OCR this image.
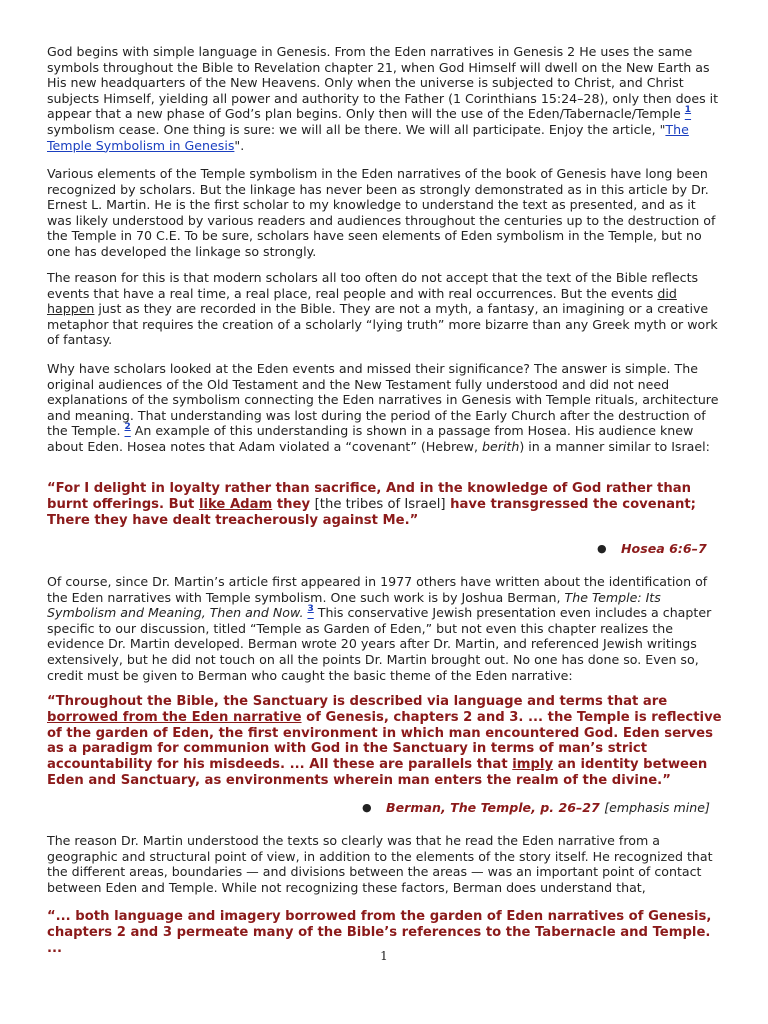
God begins with simple language in Genesis. From the Eden narratives in Genesis 2 He uses the same symbols throughout the Bible to Revelation chapter 21, when God Himself will dwell on the New Earth as His new headquarters of the New Heavens. Only when the universe is subjected to Christ, and Christ subjects Himself, yielding all power and authority to the Father (1 Corinthians 15:24–28), only then does it appear that a new phase of God’s plan begins. Only then will the use of the Eden/Tabernacle/Temple $^1$ symbolism cease. One thing is sure: we will all be there. We will all participate. Enjoy the article, "The Temple Symbolism in Genesis".

Various elements of the Temple symbolism in the Eden narratives of the book of Genesis have long been recognized by scholars. But the linkage has never been as strongly demonstrated as in this article by Dr. Ernest L. Martin. He is the first scholar to my knowledge to understand the text as presented, and as it was likely understood by various readers and audiences throughout the centuries up to the destruction of the Temple in 70 C.E. To be sure, scholars have seen elements of Eden symbolism in the Temple, but no one has developed the linkage so strongly.

The reason for this is that modern scholars all too often do not accept that the text of the Bible reflects events that have a real time, a real place, real people and with real occurrences. But the events did happen just as they are recorded in the Bible. They are not a myth, a fantasy, an imagining or a creative metaphor that requires the creation of a scholarly “lying truth” more bizarre than any Greek myth or work of fantasy.

Why have scholars looked at the Eden events and missed their significance? The answer is simple. The original audiences of the Old Testament and the New Testament fully understood and did not need explanations of the symbolism connecting the Eden narratives in Genesis with Temple rituals, architecture and meaning. That understanding was lost during the period of the Early Church after the destruction of the Temple. $^2$ An example of this understanding is shown in a passage from Hosea. His audience knew about Eden. Hosea notes that Adam violated a “covenant” (Hebrew, berith) in a manner similar to Israel:

“For I delight in loyalty rather than sacrifice, And in the knowledge of God rather than burnt offerings. But like Adam they [the tribes of Israel] have transgressed the covenant; There they have dealt treacherously against Me.”

● Hosea 6:6–7

Of course, since Dr. Martin’s article first appeared in 1977 others have written about the identification of the Eden narratives with Temple symbolism. One such work is by Joshua Berman, The Temple: Its Symbolism and Meaning, Then and Now. $^3$ This conservative Jewish presentation even includes a chapter specific to our discussion, titled “Temple as Garden of Eden,” but not even this chapter realizes the evidence Dr. Martin developed. Berman wrote 20 years after Dr. Martin, and referenced Jewish writings extensively, but he did not touch on all the points Dr. Martin brought out. No one has done so. Even so, credit must be given to Berman who caught the basic theme of the Eden narrative:

“Throughout the Bible, the Sanctuary is described via language and terms that are borrowed from the Eden narrative of Genesis, chapters 2 and 3. ... the Temple is reflective of the garden of Eden, the first environment in which man encountered God. Eden serves as a paradigm for communion with God in the Sanctuary in terms of man’s strict accountability for his misdeeds. ... All these are parallels that imply an identity between Eden and Sanctuary, as environments wherein man enters the realm of the divine.”

● Berman, The Temple, p. 26–27 [emphasis mine]

The reason Dr. Martin understood the texts so clearly was that he read the Eden narrative from a geographic and structural point of view, in addition to the elements of the story itself. He recognized that the different areas, boundaries — and divisions between the areas — was an important point of contact between Eden and Temple. While not recognizing these factors, Berman does understand that,

“... both language and imagery borrowed from the garden of Eden narratives of Genesis, chapters 2 and 3 permeate many of the Bible’s references to the Tabernacle and Temple. ...

1
